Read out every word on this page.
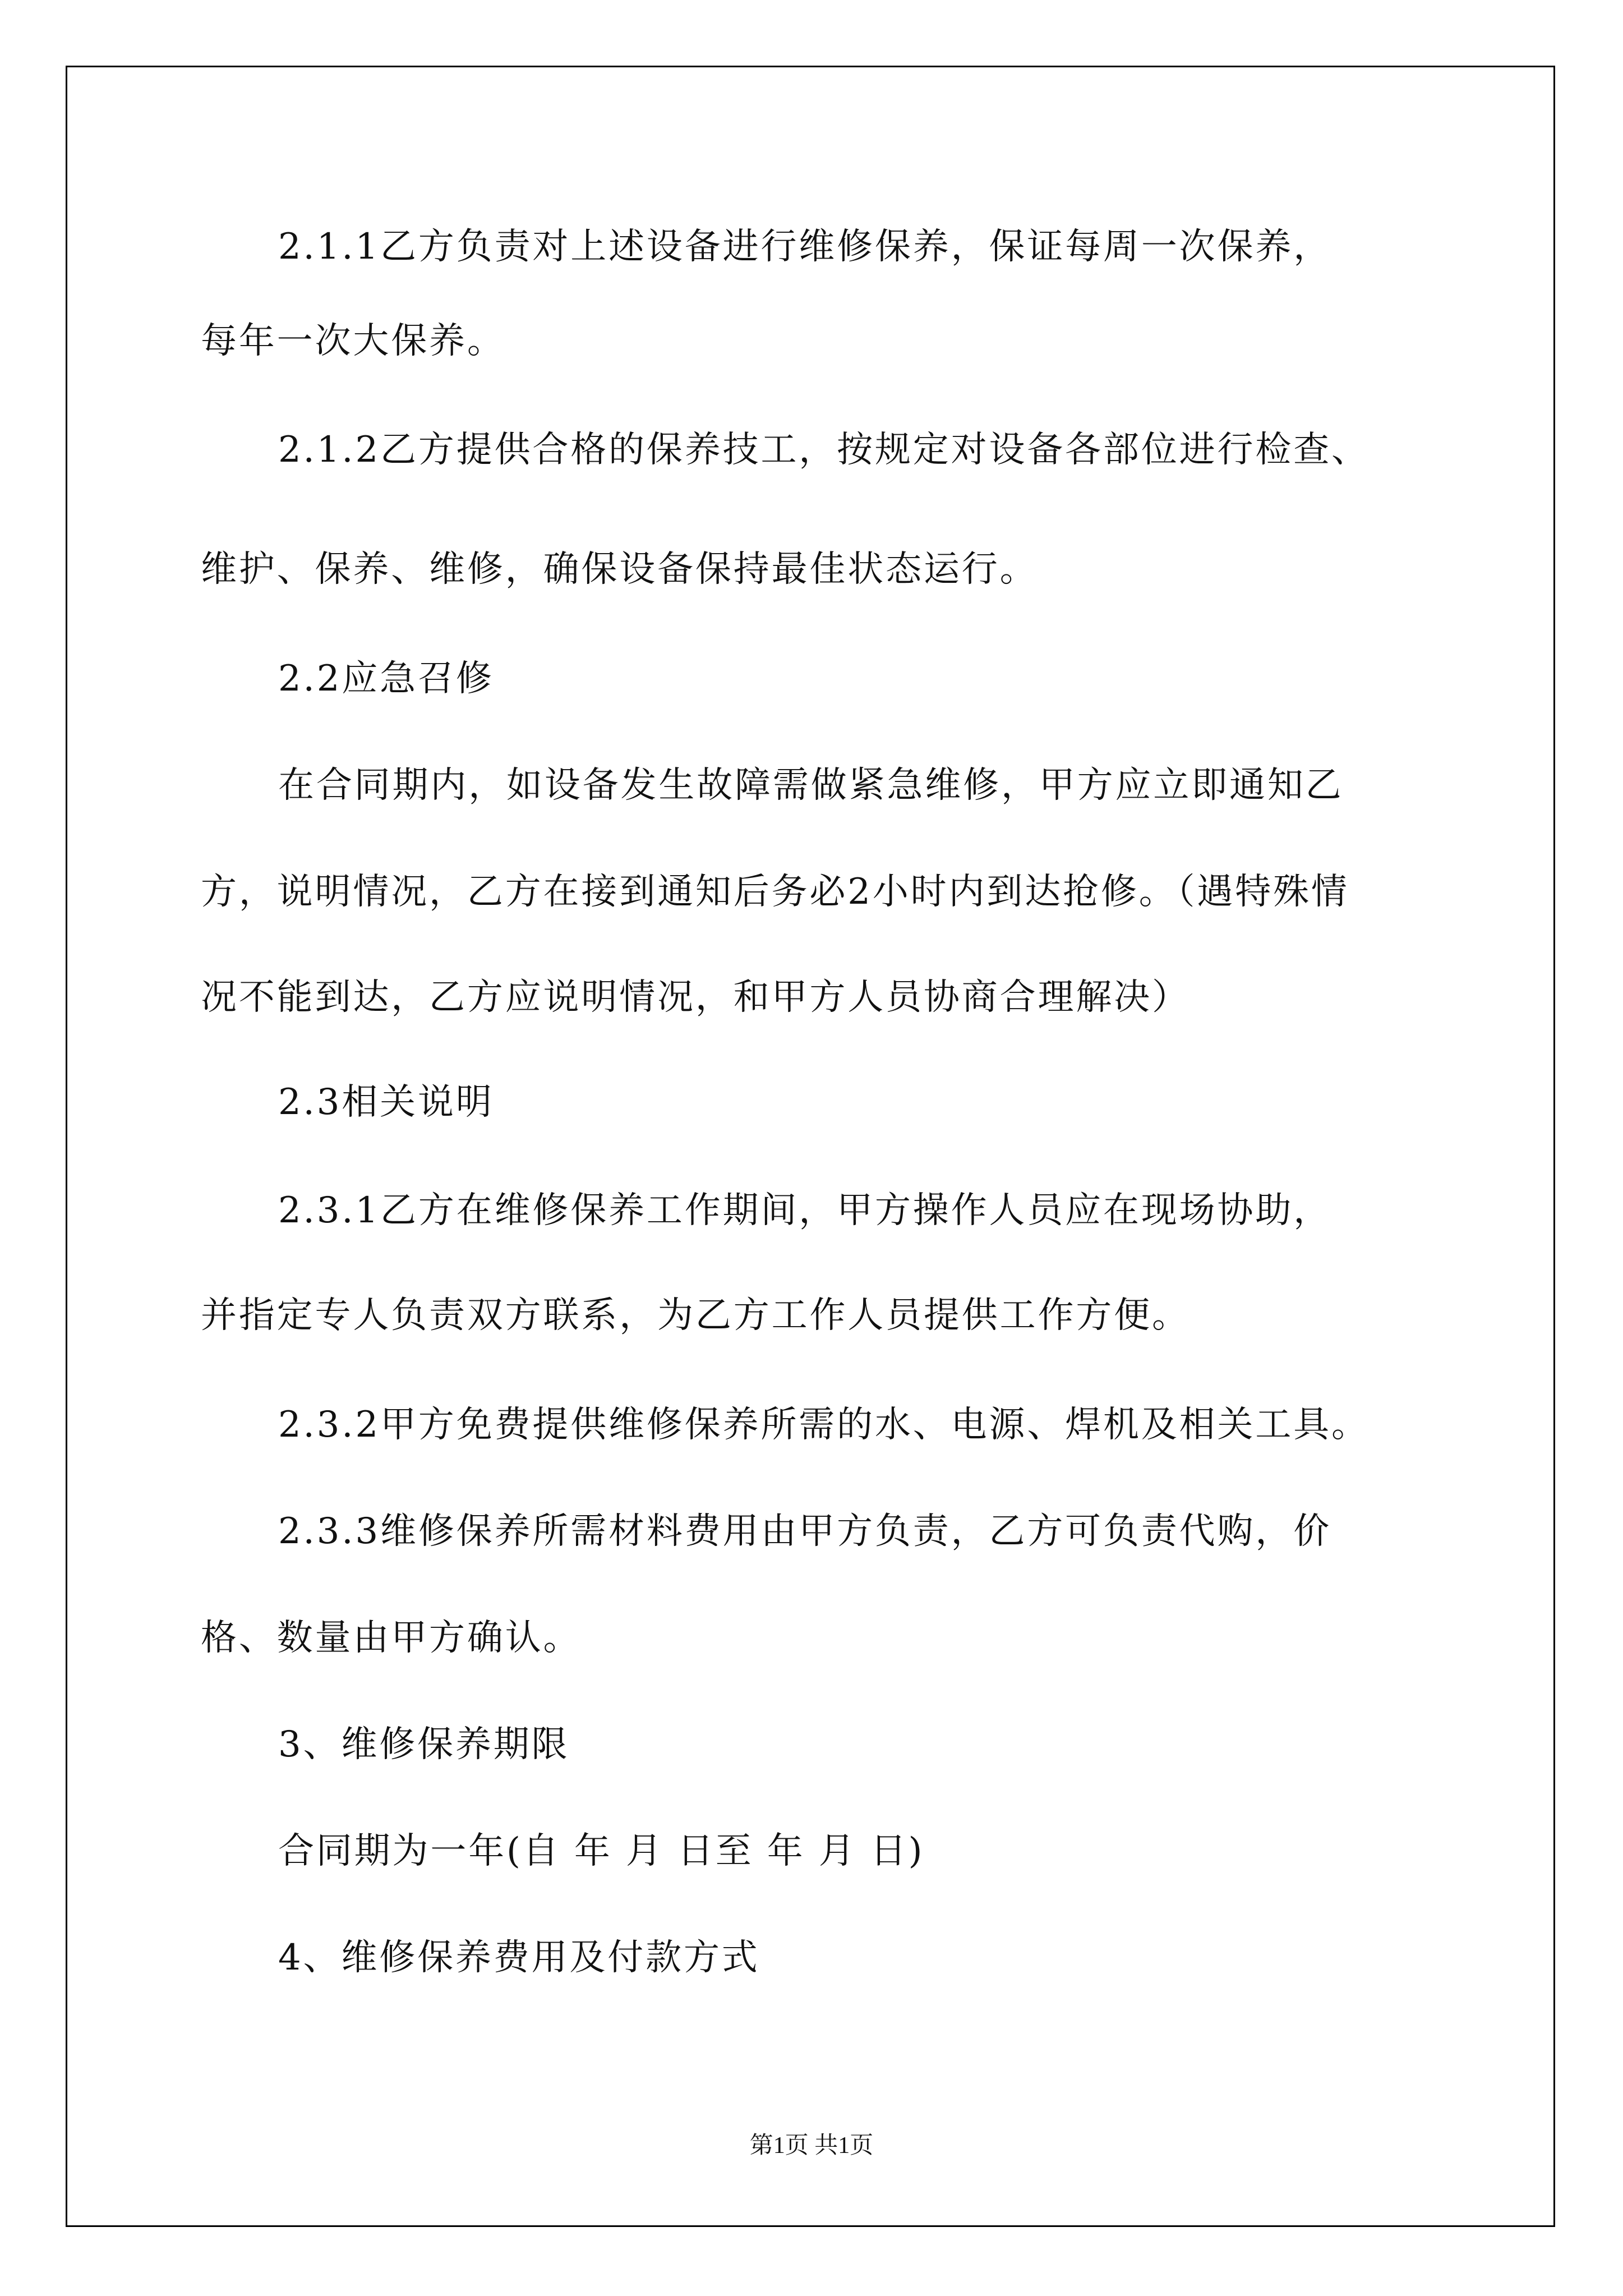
2.1.1乙方负责对上述设备进行维修保养，保证每周一次保养，
每年一次大保养。
2.1.2乙方提供合格的保养技工，按规定对设备各部位进行检查、
维护、保养、维修，确保设备保持最佳状态运行。
2.2应急召修
在合同期内，如设备发生故障需做紧急维修，甲方应立即通知乙
方，说明情况，乙方在接到通知后务必2小时内到达抢修。（遇特殊情
况不能到达，乙方应说明情况，和甲方人员协商合理解决）
2.3相关说明
2.3.1乙方在维修保养工作期间，甲方操作人员应在现场协助，
并指定专人负责双方联系，为乙方工作人员提供工作方便。
2.3.2甲方免费提供维修保养所需的水、电源、焊机及相关工具。
2.3.3维修保养所需材料费用由甲方负责，乙方可负责代购，价
格、数量由甲方确认。
3、维修保养期限
合同期为一年(自 年 月 日至 年 月 日)
4、维修保养费用及付款方式
第1页 共1页
